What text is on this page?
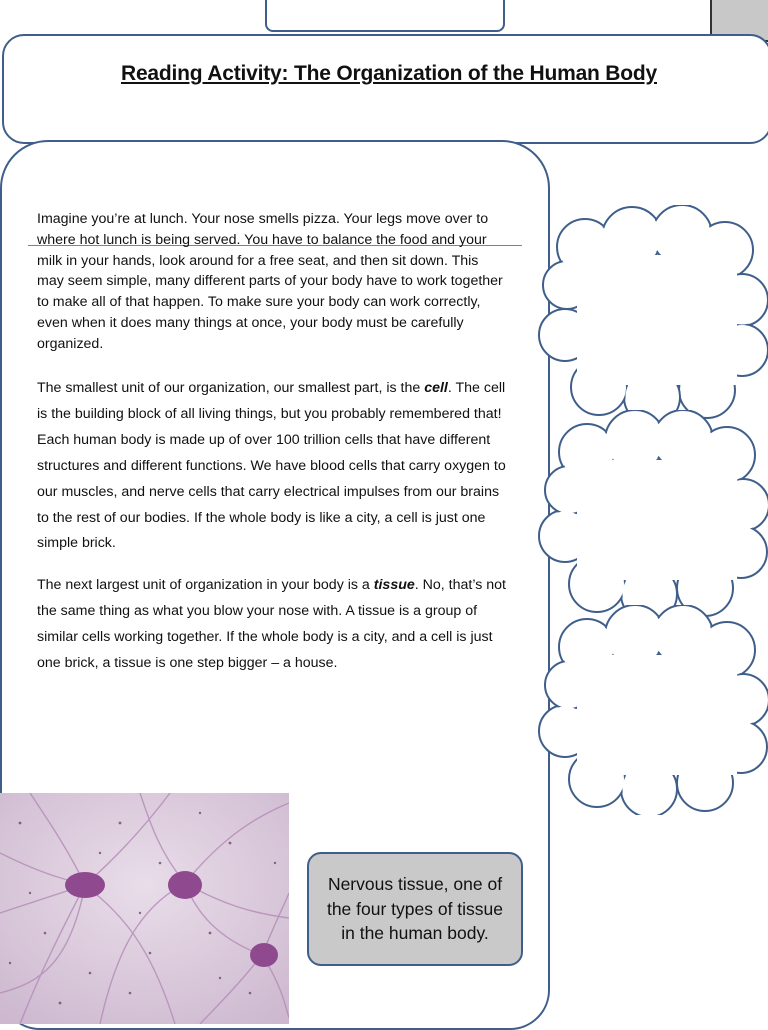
Reading Activity: The Organization of the Human Body
Imagine you’re at lunch. Your nose smells pizza. Your legs move over to where hot lunch is being served. You have to balance the food and your milk in your hands, look around for a free seat, and then sit down. This may seem simple, many different parts of your body have to work together to make all of that happen. To make sure your body can work correctly, even when it does many things at once, your body must be carefully organized.
The smallest unit of our organization, our smallest part, is the cell. The cell is the building block of all living things, but you probably remembered that! Each human body is made up of over 100 trillion cells that have different structures and different functions. We have blood cells that carry oxygen to our muscles, and nerve cells that carry electrical impulses from our brains to the rest of our bodies. If the whole body is like a city, a cell is just one simple brick.
The next largest unit of organization in your body is a tissue. No, that’s not the same thing as what you blow your nose with. A tissue is a group of similar cells working together. If the whole body is a city, and a cell is just one brick, a tissue is one step bigger – a house.
Nervous tissue, one of the four types of tissue in the human body.
